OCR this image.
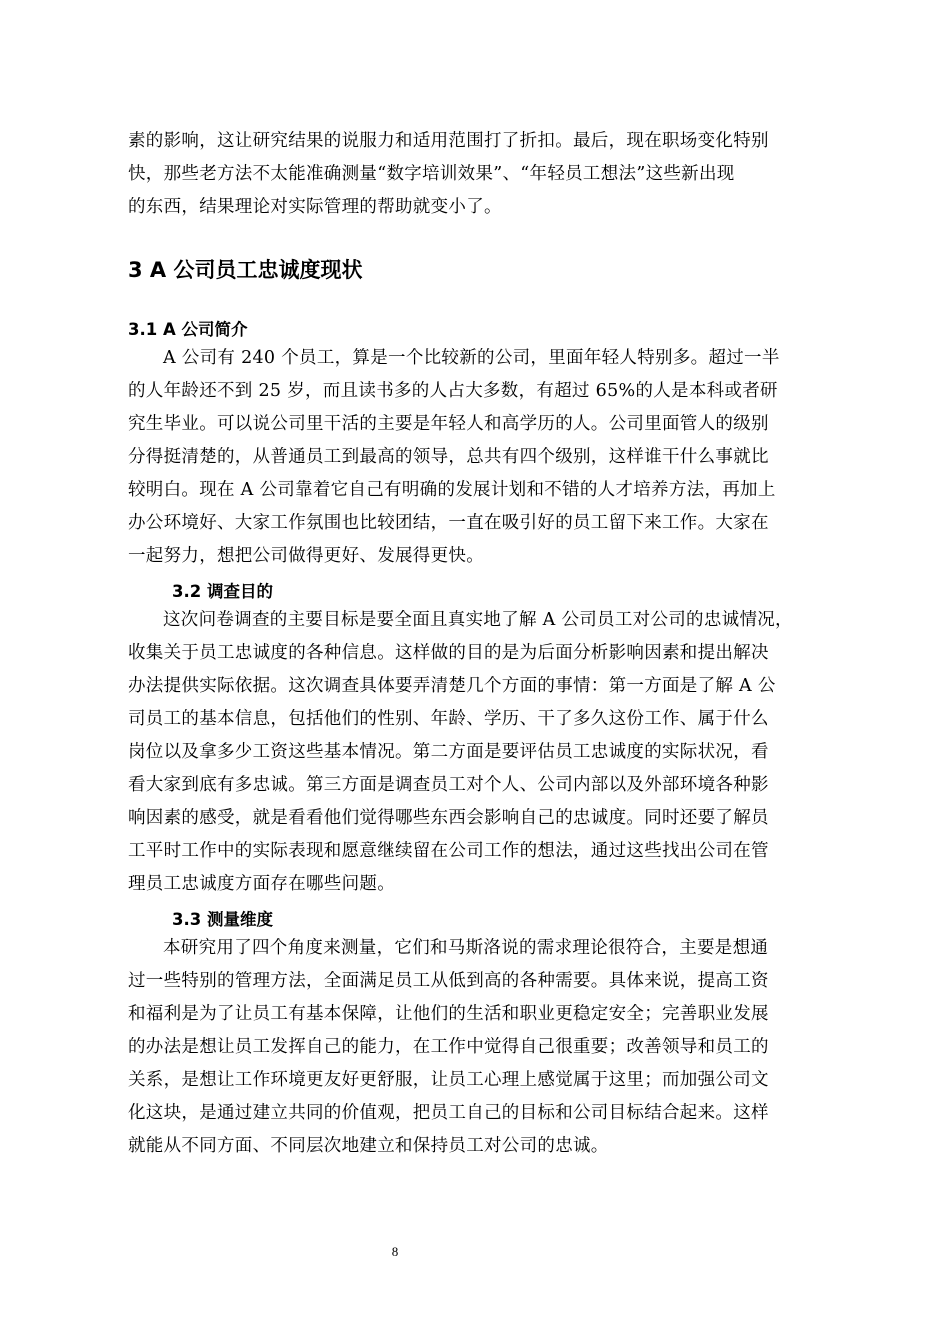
素的影响，这让研究结果的说服力和适用范围打了折扣。最后，现在职场变化特别
快，那些老方法不太能准确测量“数字培训效果”、“年轻员工想法”这些新出现
的东西，结果理论对实际管理的帮助就变小了。
3 A 公司员工忠诚度现状
3.1 A 公司简介
A 公司有 240 个员工，算是一个比较新的公司，里面年轻人特别多。超过一半
的人年龄还不到 25 岁，而且读书多的人占大多数，有超过 65%的人是本科或者研
究生毕业。可以说公司里干活的主要是年轻人和高学历的人。公司里面管人的级别
分得挺清楚的，从普通员工到最高的领导，总共有四个级别，这样谁干什么事就比
较明白。现在 A 公司靠着它自己有明确的发展计划和不错的人才培养方法，再加上
办公环境好、大家工作氛围也比较团结，一直在吸引好的员工留下来工作。大家在
一起努力，想把公司做得更好、发展得更快。
3.2 调查目的
这次问卷调查的主要目标是要全面且真实地了解 A 公司员工对公司的忠诚情况，
收集关于员工忠诚度的各种信息。这样做的目的是为后面分析影响因素和提出解决
办法提供实际依据。这次调查具体要弄清楚几个方面的事情：第一方面是了解 A 公
司员工的基本信息，包括他们的性别、年龄、学历、干了多久这份工作、属于什么
岗位以及拿多少工资这些基本情况。第二方面是要评估员工忠诚度的实际状况，看
看大家到底有多忠诚。第三方面是调查员工对个人、公司内部以及外部环境各种影
响因素的感受，就是看看他们觉得哪些东西会影响自己的忠诚度。同时还要了解员
工平时工作中的实际表现和愿意继续留在公司工作的想法，通过这些找出公司在管
理员工忠诚度方面存在哪些问题。
3.3 测量维度
本研究用了四个角度来测量，它们和马斯洛说的需求理论很符合，主要是想通
过一些特别的管理方法，全面满足员工从低到高的各种需要。具体来说，提高工资
和福利是为了让员工有基本保障，让他们的生活和职业更稳定安全；完善职业发展
的办法是想让员工发挥自己的能力，在工作中觉得自己很重要；改善领导和员工的
关系，是想让工作环境更友好更舒服，让员工心理上感觉属于这里；而加强公司文
化这块，是通过建立共同的价值观，把员工自己的目标和公司目标结合起来。这样
就能从不同方面、不同层次地建立和保持员工对公司的忠诚。
8
